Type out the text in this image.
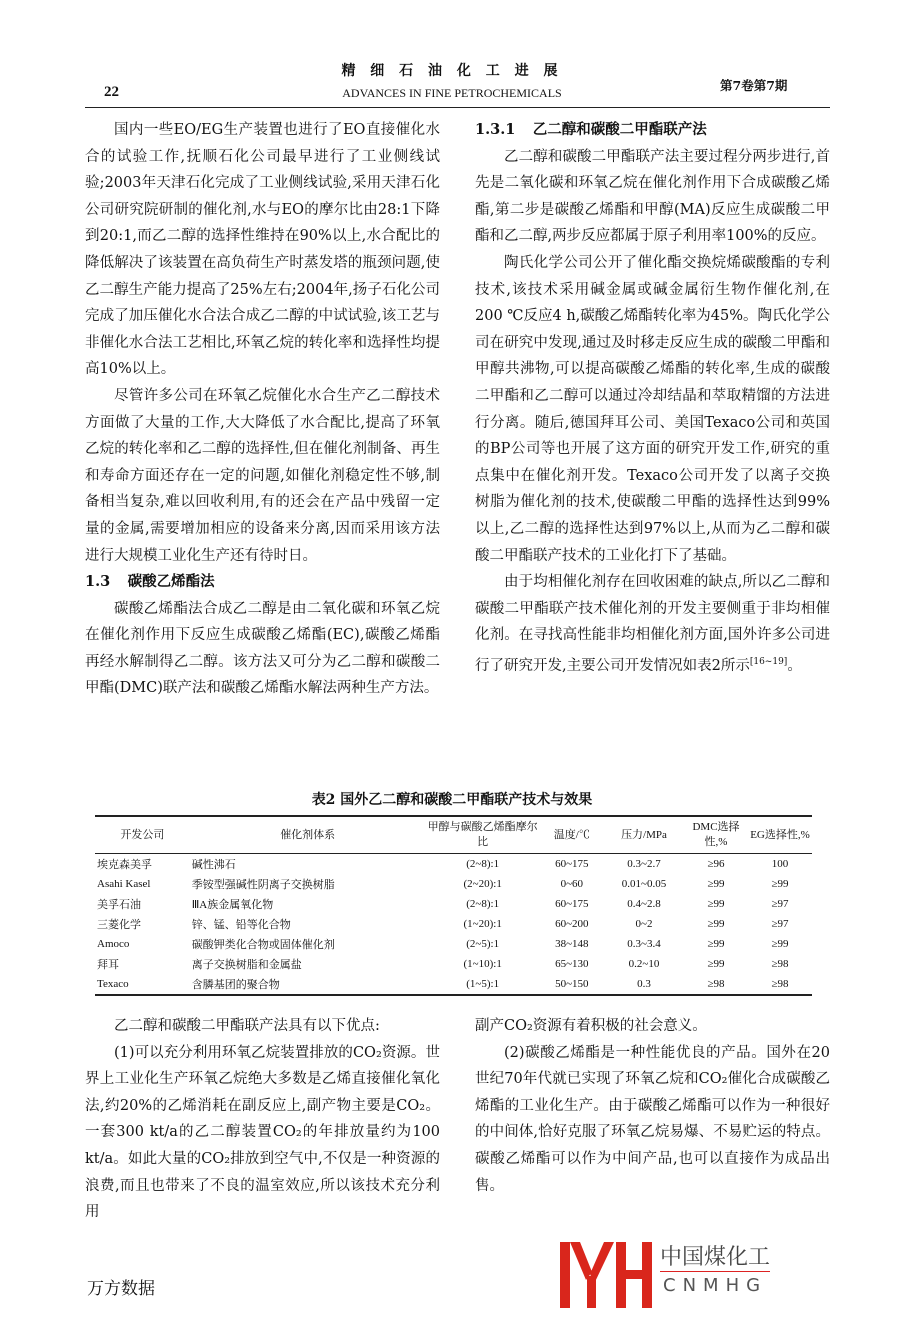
精 细 石 油 化 工 进 展
ADVANCES IN FINE PETROCHEMICALS
22	第7卷第7期

国内一些EO/EG生产装置也进行了EO直接催化水合的试验工作,抚顺石化公司最早进行了工业侧线试验;2003年天津石化完成了工业侧线试验,采用天津石化公司研究院研制的催化剂,水与EO的摩尔比由28:1下降到20:1,而乙二醇的选择性维持在90%以上,水合配比的降低解决了该装置在高负荷生产时蒸发塔的瓶颈问题,使乙二醇生产能力提高了25%左右;2004年,扬子石化公司完成了加压催化水合法合成乙二醇的中试试验,该工艺与非催化水合法工艺相比,环氧乙烷的转化率和选择性均提高10%以上。

尽管许多公司在环氧乙烷催化水合生产乙二醇技术方面做了大量的工作,大大降低了水合配比,提高了环氧乙烷的转化率和乙二醇的选择性,但在催化剂制备、再生和寿命方面还存在一定的问题,如催化剂稳定性不够,制备相当复杂,难以回收利用,有的还会在产品中残留一定量的金属,需要增加相应的设备来分离,因而采用该方法进行大规模工业化生产还有待时日。

1.3 碳酸乙烯酯法

碳酸乙烯酯法合成乙二醇是由二氧化碳和环氧乙烷在催化剂作用下反应生成碳酸乙烯酯(EC),碳酸乙烯酯再经水解制得乙二醇。该方法又可分为乙二醇和碳酸二甲酯(DMC)联产法和碳酸乙烯酯水解法两种生产方法。

1.3.1 乙二醇和碳酸二甲酯联产法

乙二醇和碳酸二甲酯联产法主要过程分两步进行,首先是二氧化碳和环氧乙烷在催化剂作用下合成碳酸乙烯酯,第二步是碳酸乙烯酯和甲醇(MA)反应生成碳酸二甲酯和乙二醇,两步反应都属于原子利用率100%的反应。

陶氏化学公司公开了催化酯交换烷烯碳酸酯的专利技术,该技术采用碱金属或碱金属衍生物作催化剂,在200 ℃反应4 h,碳酸乙烯酯转化率为45%。陶氏化学公司在研究中发现,通过及时移走反应生成的碳酸二甲酯和甲醇共沸物,可以提高碳酸乙烯酯的转化率,生成的碳酸二甲酯和乙二醇可以通过冷却结晶和萃取精馏的方法进行分离。随后,德国拜耳公司、美国Texaco公司和英国的BP公司等也开展了这方面的研究开发工作,研究的重点集中在催化剂开发。Texaco公司开发了以离子交换树脂为催化剂的技术,使碳酸二甲酯的选择性达到99%以上,乙二醇的选择性达到97%以上,从而为乙二醇和碳酸二甲酯联产技术的工业化打下了基础。

由于均相催化剂存在回收困难的缺点,所以乙二醇和碳酸二甲酯联产技术催化剂的开发主要侧重于非均相催化剂。在寻找高性能非均相催化剂方面,国外许多公司进行了研究开发,主要公司开发情况如表2所示[16~19]。

表2 国外乙二醇和碳酸二甲酯联产技术与效果
开发公司	催化剂体系	甲醇与碳酸乙烯酯摩尔比	温度/℃	压力/MPa	DMC选择性,%	EG选择性,%
埃克森美孚	碱性沸石	(2~8):1	60~175	0.3~2.7	≥96	100
Asahi Kasel	季铵型强碱性阴离子交换树脂	(2~20):1	0~60	0.01~0.05	≥99	≥99
美孚石油	ⅢA族金属氧化物	(2~8):1	60~175	0.4~2.8	≥99	≥97
三菱化学	锌、锰、铅等化合物	(1~20):1	60~200	0~2	≥99	≥97
Amoco	碳酸钾类化合物或固体催化剂	(2~5):1	38~148	0.3~3.4	≥99	≥99
拜耳	离子交换树脂和金属盐	(1~10):1	65~130	0.2~10	≥99	≥98
Texaco	含膦基团的聚合物	(1~5):1	50~150	0.3	≥98	≥98

乙二醇和碳酸二甲酯联产法具有以下优点:

(1)可以充分利用环氧乙烷装置排放的CO₂资源。世界上工业化生产环氧乙烷绝大多数是乙烯直接催化氧化法,约20%的乙烯消耗在副反应上,副产物主要是CO₂。一套300 kt/a的乙二醇装置CO₂的年排放量约为100 kt/a。如此大量的CO₂排放到空气中,不仅是一种资源的浪费,而且也带来了不良的温室效应,所以该技术充分利用

副产CO₂资源有着积极的社会意义。

(2)碳酸乙烯酯是一种性能优良的产品。国外在20世纪70年代就已实现了环氧乙烷和CO₂催化合成碳酸乙烯酯的工业化生产。由于碳酸乙烯酯可以作为一种很好的中间体,恰好克服了环氧乙烷易爆、不易贮运的特点。碳酸乙烯酯可以作为中间产品,也可以直接作为成品出售。

中国煤化工
CNMHG
万方数据
